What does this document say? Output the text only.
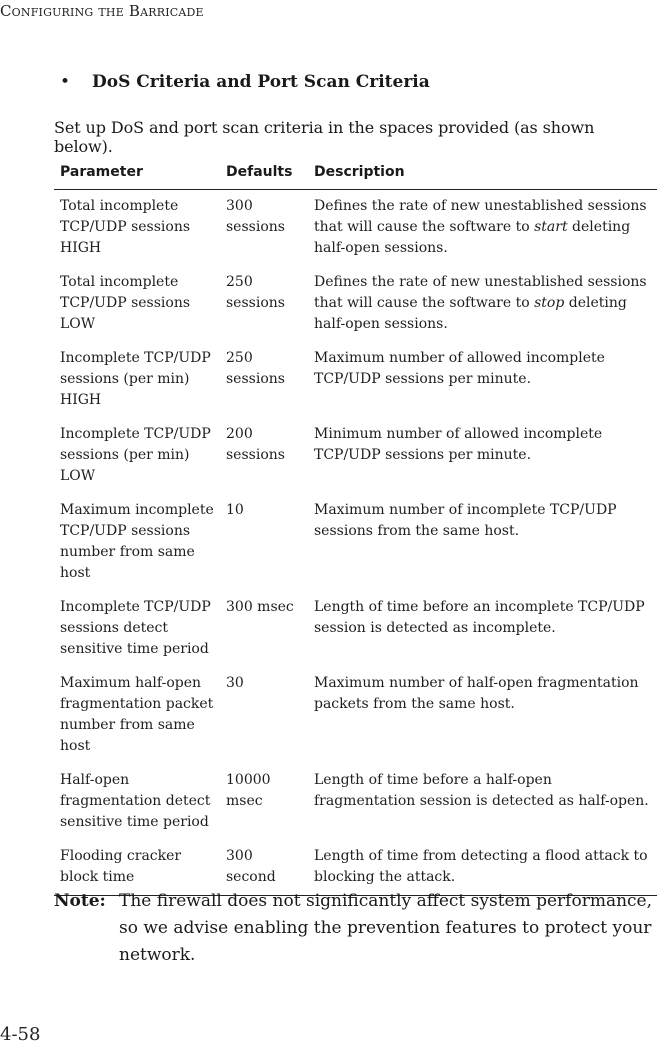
Configuring the Barricade
• DoS Criteria and Port Scan Criteria
Set up DoS and port scan criteria in the spaces provided (as shown below).
Parameter	Defaults	Description
Total incomplete TCP/UDP sessions HIGH	300 sessions	Defines the rate of new unestablished sessions that will cause the software to start deleting half-open sessions.
Total incomplete TCP/UDP sessions LOW	250 sessions	Defines the rate of new unestablished sessions that will cause the software to stop deleting half-open sessions.
Incomplete TCP/UDP sessions (per min) HIGH	250 sessions	Maximum number of allowed incomplete TCP/UDP sessions per minute.
Incomplete TCP/UDP sessions (per min) LOW	200 sessions	Minimum number of allowed incomplete TCP/UDP sessions per minute.
Maximum incomplete TCP/UDP sessions number from same host	10	Maximum number of incomplete TCP/UDP sessions from the same host.
Incomplete TCP/UDP sessions detect sensitive time period	300 msec	Length of time before an incomplete TCP/UDP session is detected as incomplete.
Maximum half-open fragmentation packet number from same host	30	Maximum number of half-open fragmentation packets from the same host.
Half-open fragmentation detect sensitive time period	10000 msec	Length of time before a half-open fragmentation session is detected as half-open.
Flooding cracker block time	300 second	Length of time from detecting a flood attack to blocking the attack.
Note: The firewall does not significantly affect system performance, so we advise enabling the prevention features to protect your network.
4-58
